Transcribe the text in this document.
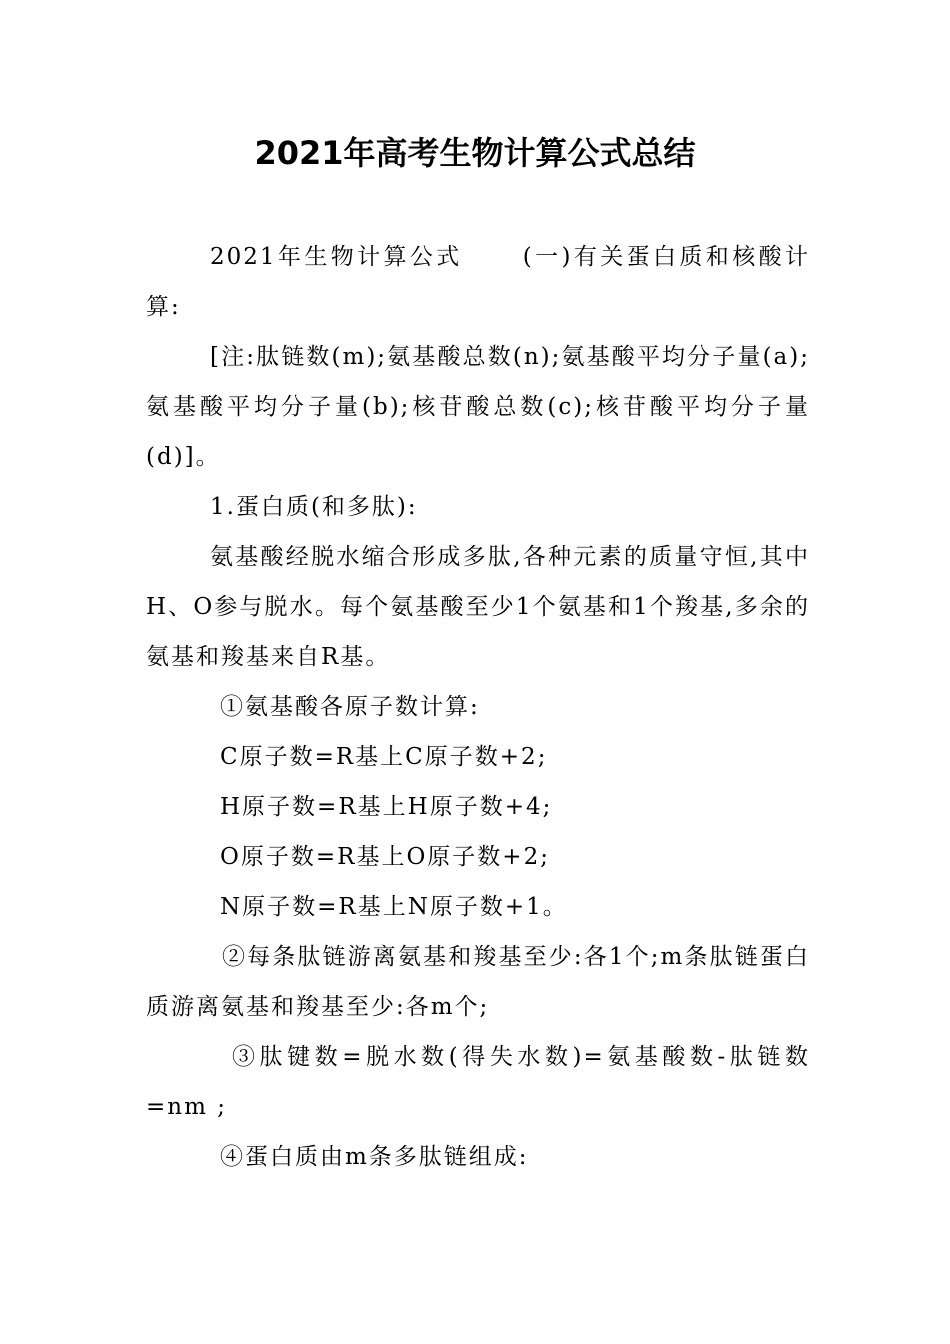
2021年高考生物计算公式总结

2021年生物计算公式	(一)有关蛋白质和核酸计算:

[注:肽链数(m);氨基酸总数(n);氨基酸平均分子量(a);氨基酸平均分子量(b);核苷酸总数(c);核苷酸平均分子量(d)]。

1.蛋白质(和多肽):

氨基酸经脱水缩合形成多肽,各种元素的质量守恒,其中H、O参与脱水。每个氨基酸至少1个氨基和1个羧基,多余的氨基和羧基来自R基。

①氨基酸各原子数计算:

C原子数=R基上C原子数+2;

H原子数=R基上H原子数+4;

O原子数=R基上O原子数+2;

N原子数=R基上N原子数+1。

②每条肽链游离氨基和羧基至少:各1个;m条肽链蛋白质游离氨基和羧基至少:各m个;

③肽键数=脱水数(得失水数)=氨基酸数-肽链数=nm ;

④蛋白质由m条多肽链组成:
